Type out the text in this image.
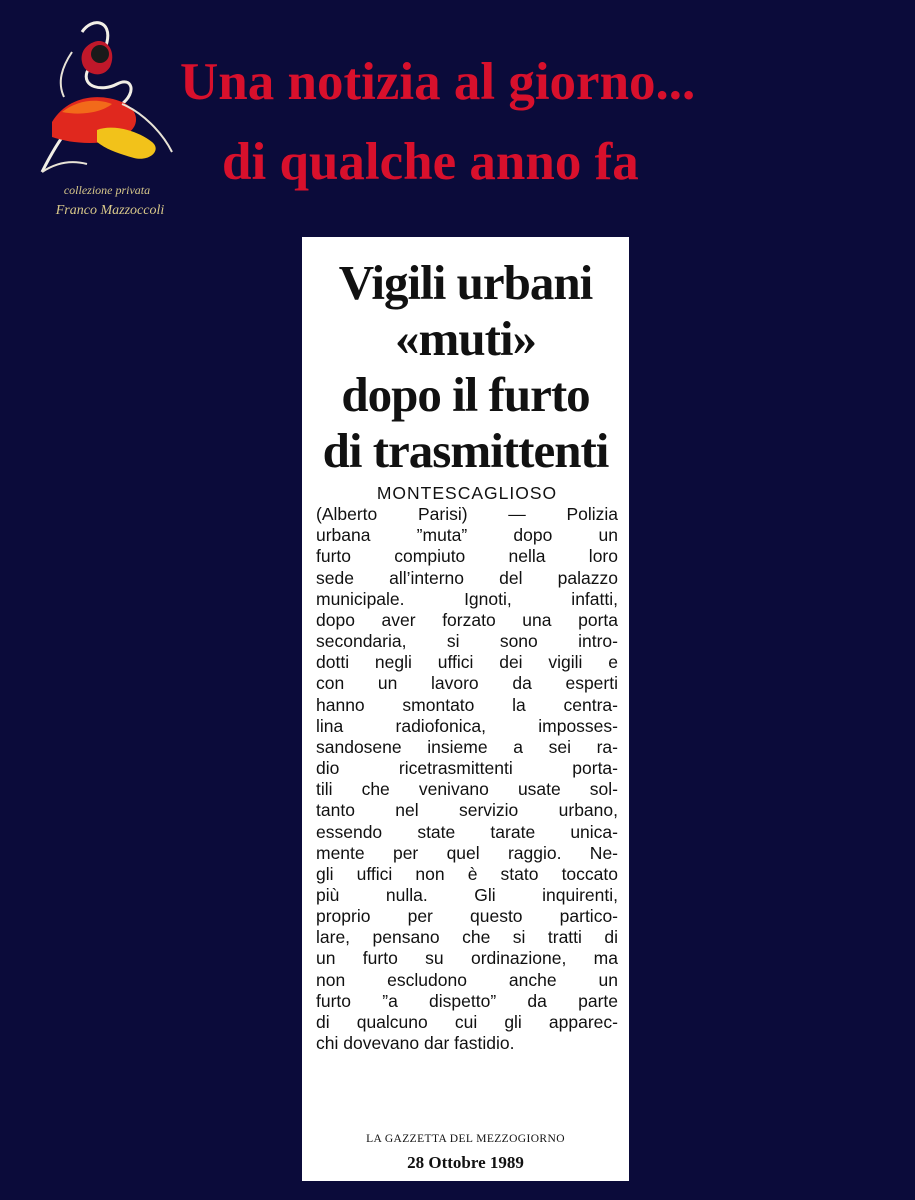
collezione privata
Franco Mazzoccoli
Una notizia al giorno...
di qualche anno fa
Vigili urbani
«muti»
dopo il furto
di trasmittenti
MONTESCAGLIOSO
(Alberto Parisi) — Polizia
urbana ”muta” dopo un
furto compiuto nella loro
sede all’interno del palazzo
municipale. Ignoti, infatti,
dopo aver forzato una porta
secondaria, si sono intro-
dotti negli uffici dei vigili e
con un lavoro da esperti
hanno smontato la centra-
lina radiofonica, imposses-
sandosene insieme a sei ra-
dio ricetrasmittenti porta-
tili che venivano usate sol-
tanto nel servizio urbano,
essendo state tarate unica-
mente per quel raggio. Ne-
gli uffici non è stato toccato
più nulla. Gli inquirenti,
proprio per questo partico-
lare, pensano che si tratti di
un furto su ordinazione, ma
non escludono anche un
furto ”a dispetto” da parte
di qualcuno cui gli apparec-
chi dovevano dar fastidio.
LA GAZZETTA DEL MEZZOGIORNO
28 Ottobre 1989
